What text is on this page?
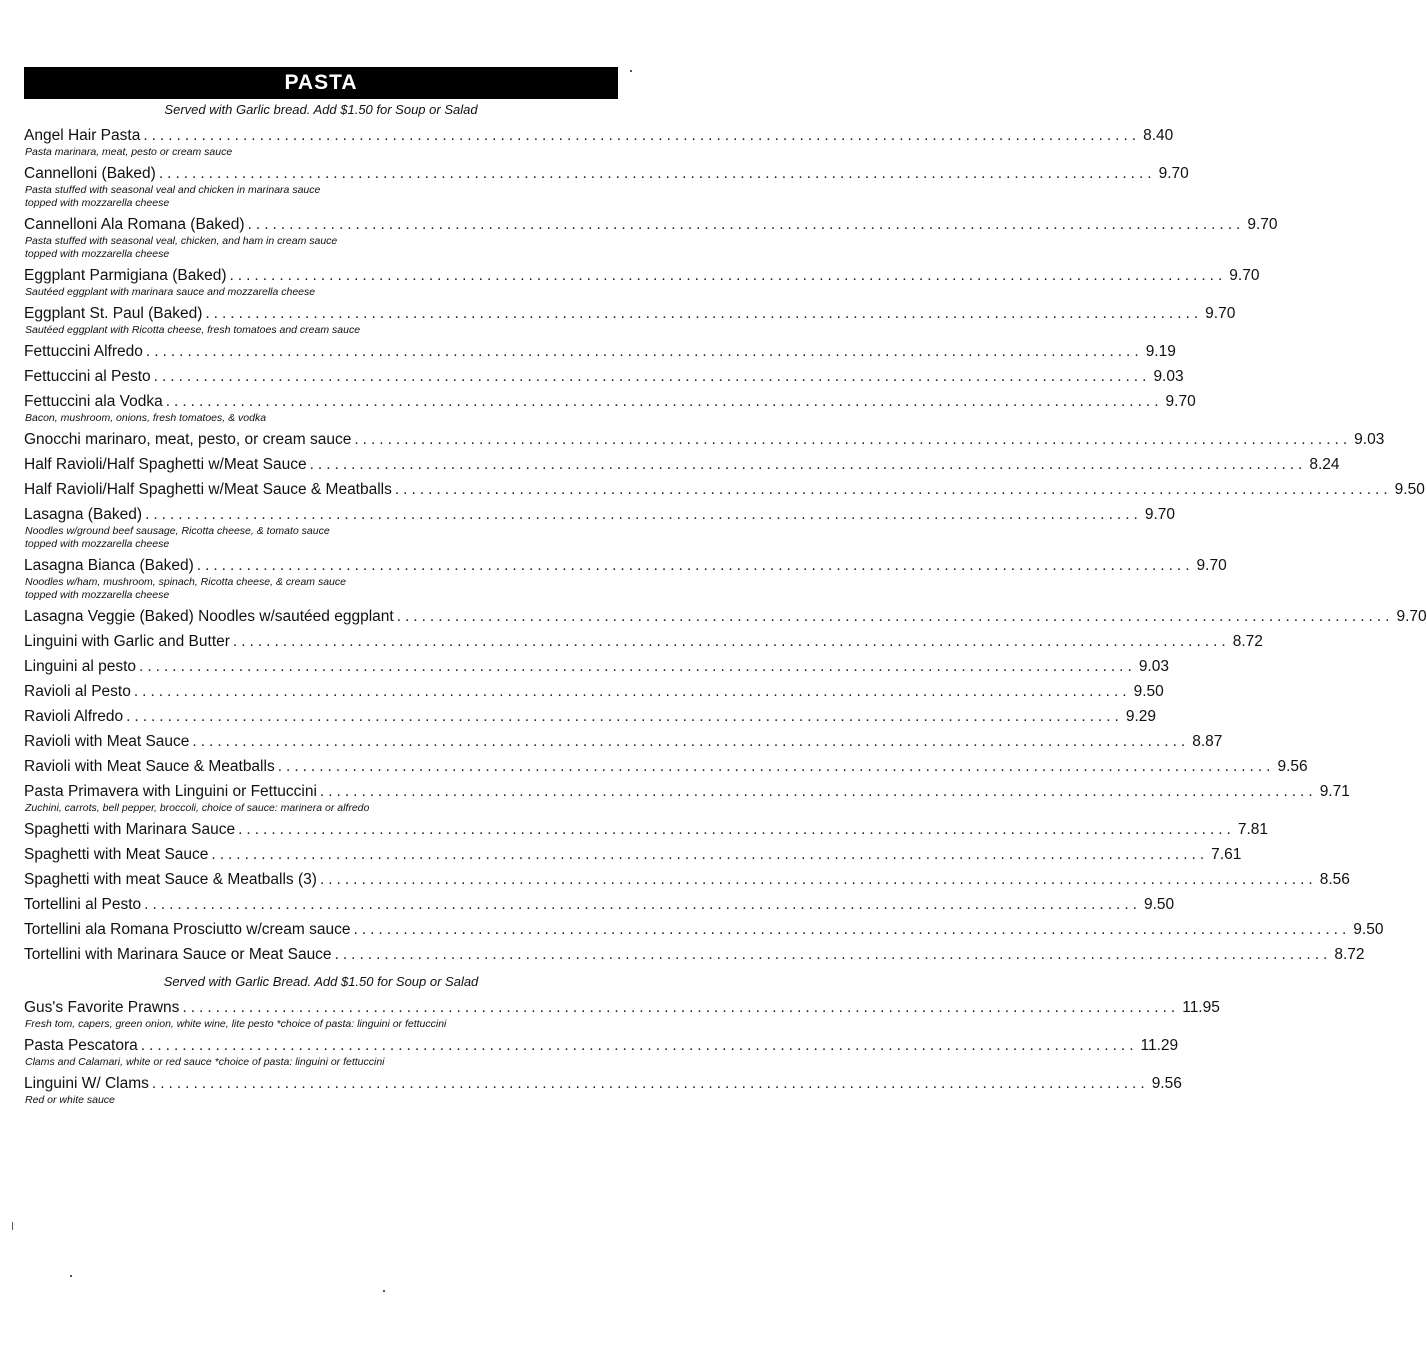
PASTA
Served with Garlic bread. Add $1.50 for Soup or Salad
Angel Hair Pasta ........................................................................................................................ 8.40
Pasta marinara, meat, pesto or cream sauce
Cannelloni (Baked) ........................................................................................................................ 9.70
Pasta stuffed with seasonal veal and chicken in marinara sauce
topped with mozzarella cheese
Cannelloni Ala Romana (Baked) ........................................................................................................................ 9.70
Pasta stuffed with seasonal veal, chicken, and ham in cream sauce
topped with mozzarella cheese
Eggplant Parmigiana (Baked) ........................................................................................................................ 9.70
Sautéed eggplant with marinara sauce and mozzarella cheese
Eggplant St. Paul (Baked) ........................................................................................................................ 9.70
Sautéed eggplant with Ricotta cheese, fresh tomatoes and cream sauce
Fettuccini Alfredo ........................................................................................................................ 9.19
Fettuccini al Pesto ........................................................................................................................ 9.03
Fettuccini ala Vodka ........................................................................................................................ 9.70
Bacon, mushroom, onions, fresh tomatoes, & vodka
Gnocchi marinaro, meat, pesto, or cream sauce ........................................................................................................................ 9.03
Half Ravioli/Half Spaghetti w/Meat Sauce ........................................................................................................................ 8.24
Half Ravioli/Half Spaghetti w/Meat Sauce & Meatballs ........................................................................................................................ 9.50
Lasagna (Baked) ........................................................................................................................ 9.70
Noodles w/ground beef sausage, Ricotta cheese, & tomato sauce
topped with mozzarella cheese
Lasagna Bianca (Baked) ........................................................................................................................ 9.70
Noodles w/ham, mushroom, spinach, Ricotta cheese, & cream sauce
topped with mozzarella cheese
Lasagna Veggie (Baked) Noodles w/sautéed eggplant ........................................................................................................................ 9.70
Linguini with Garlic and Butter ........................................................................................................................ 8.72
Linguini al pesto ........................................................................................................................ 9.03
Ravioli al Pesto ........................................................................................................................ 9.50
Ravioli Alfredo ........................................................................................................................ 9.29
Ravioli with Meat Sauce ........................................................................................................................ 8.87
Ravioli with Meat Sauce & Meatballs ........................................................................................................................ 9.56
Pasta Primavera with Linguini or Fettuccini ........................................................................................................................ 9.71
Zuchini, carrots, bell pepper, broccoli, choice of sauce: marinera or alfredo
Spaghetti with Marinara Sauce ........................................................................................................................ 7.81
Spaghetti with Meat Sauce ........................................................................................................................ 7.61
Spaghetti with meat Sauce & Meatballs (3) ........................................................................................................................ 8.56
Tortellini al Pesto ........................................................................................................................ 9.50
Tortellini ala Romana Prosciutto w/cream sauce ........................................................................................................................ 9.50
Tortellini with Marinara Sauce or Meat Sauce ........................................................................................................................ 8.72
Served with Garlic Bread. Add $1.50 for Soup or Salad
Gus's Favorite Prawns ........................................................................................................................ 11.95
Fresh tom, capers, green onion, white wine, lite pesto *choice of pasta: linguini or fettuccini
Pasta Pescatora ........................................................................................................................ 11.29
Clams and Calamari, white or red sauce *choice of pasta: linguini or fettuccini
Linguini W/ Clams ........................................................................................................................ 9.56
Red or white sauce
